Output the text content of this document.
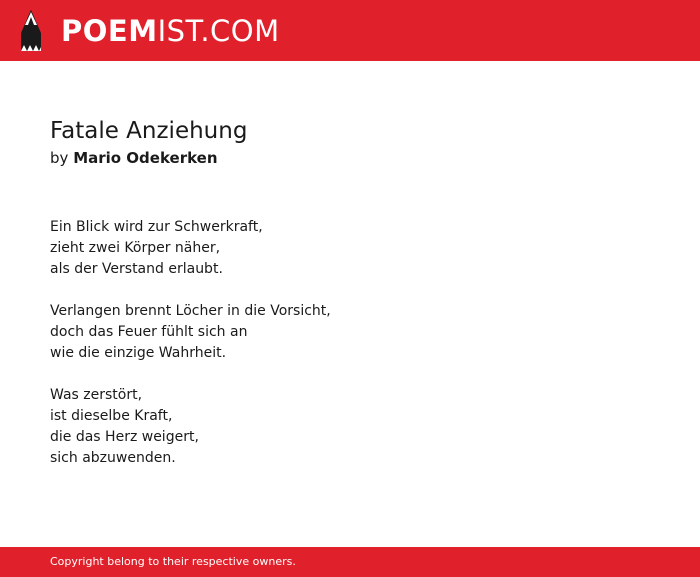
POEMIST.COM
Fatale Anziehung
by Mario Odekerken

Ein Blick wird zur Schwerkraft,
zieht zwei Körper näher,
als der Verstand erlaubt.

Verlangen brennt Löcher in die Vorsicht,
doch das Feuer fühlt sich an
wie die einzige Wahrheit.

Was zerstört,
ist dieselbe Kraft,
die das Herz weigert,
sich abzuwenden.

Copyright belong to their respective owners.
